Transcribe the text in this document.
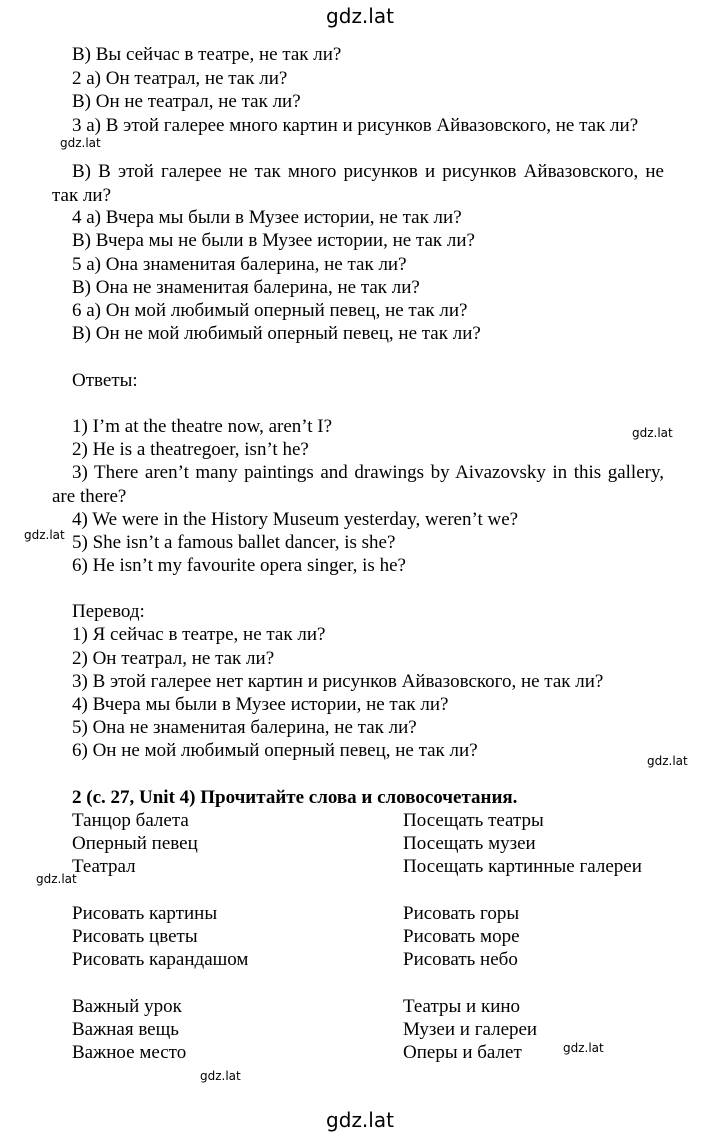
gdz.lat
gdz.lat
gdz.lat
gdz.lat
gdz.lat
gdz.lat
gdz.lat
gdz.lat
gdz.lat
B) Вы сейчас в театре, не так ли?
2 а) Он театрал, не так ли?
B) Он не театрал, не так ли?
3 а) В этой галерее много картин и рисунков Айвазовского, не так ли?
B) В этой галерее не так много рисунков и рисунков Айвазовского, не так ли?
4 а) Вчера мы были в Музее истории, не так ли?
B) Вчера мы не были в Музее истории, не так ли?
5 а) Она знаменитая балерина, не так ли?
B) Она не знаменитая балерина, не так ли?
6 а) Он мой любимый оперный певец, не так ли?
B) Он не мой любимый оперный певец, не так ли?
Ответы:
1) I’m at the theatre now, aren’t I?
2) He is a theatregoer, isn’t he?
3) There aren’t many paintings and drawings by Aivazovsky in this gallery, are there?
4) We were in the History Museum yesterday, weren’t we?
5) She isn’t a famous ballet dancer, is she?
6) He isn’t my favourite opera singer, is he?
Перевод:
1) Я сейчас в театре, не так ли?
2) Он театрал, не так ли?
3) В этой галерее нет картин и рисунков Айвазовского, не так ли?
4) Вчера мы были в Музее истории, не так ли?
5) Она не знаменитая балерина, не так ли?
6) Он не мой любимый оперный певец, не так ли?
2 (с. 27, Unit 4) Прочитайте слова и словосочетания.
Танцор балета
Оперный певец
Театрал
Рисовать картины
Рисовать цветы
Рисовать карандашом
Важный урок
Важная вещь
Важное место
Посещать театры
Посещать музеи
Посещать картинные галереи
Рисовать горы
Рисовать море
Рисовать небо
Театры и кино
Музеи и галереи
Оперы и балет
